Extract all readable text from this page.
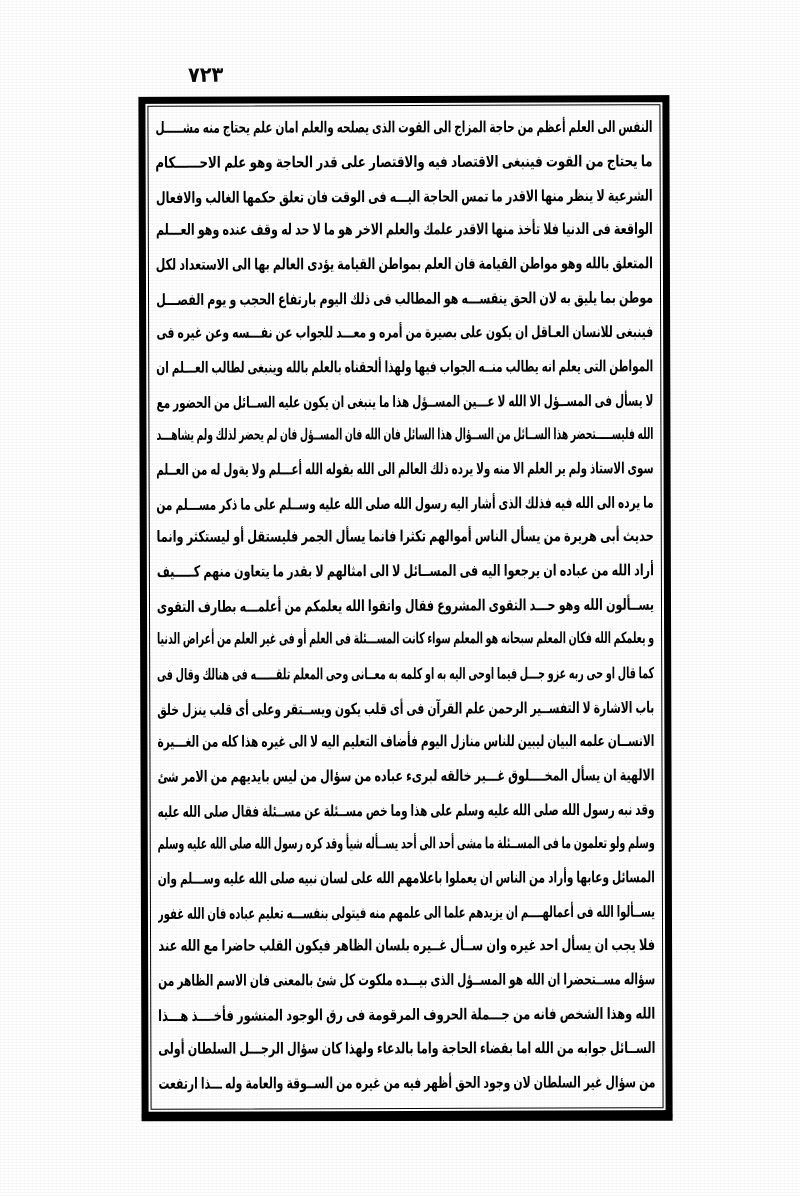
٧٢٣
النفس الى العلم أعظم من حاجة المزاج الى القوت الذى يصلحه والعلم امان علم يحتاج منه مشـــــل
ما يحتاج من القوت فينبغى الاقتصاد فيه والاقتصار على قدر الحاجة وهو علم الاحــــــكام
الشرعية لا ينظر منها الاقدر ما تمس الحاجة اليـــه فى الوقت فان تعلق حكمها الغالب والافعال
الواقعة فى الدنيا فلا تأخذ منها الاقدر علمك والعلم الاخر هو ما لا حد له وقف عنده وهو العـــلم
المتعلق بالله وهو مواطن القيامة فان العلم بمواطن القيامة يؤدى العالم بها الى الاستعداد لكل
موطن بما يليق به لان الحق ينقســـه هو المطالب فى ذلك اليوم بارتفاع الحجب و يوم الفصـــل
فينبغى للانسان العـاقل ان يكون على بصيرة من أمره و معـــد للجواب عن نفـــسه وعن غيره فى
المواطن التى يعلم انه يطالب منــه الجواب فيها ولهذا ألحقناه بالعلم بالله وينبغى لطالب العـــلم ان
لا يسأل فى المســؤل الا الله لا عـــين المســؤل هذا ما ينبغى ان يكون عليه الســائل من الحضور مع
الله فليســـــتحضر هذا الســائل من الســؤال هذا السائل فان الله فان المســؤل فان لم يحضر لذلك ولم يشاهـــد
سوى الاستاذ ولم ير العلم الا منه ولا يرده ذلك العالم الى الله بقوله الله أعـــلم ولا يةول له من العــلم
ما يرده الى الله فيه فذلك الذى أشار اليه رسول الله صلى الله عليه وســلم على ما ذكر مســـلم من
حديث أبى هريرة من يسأل الناس أموالهم تكثرا فانما يسأل الجمر فليستقل أو ليستكثر وانما
أراد الله من عباده ان يرجعوا اليه فى المســائل لا الى امثالهم لا بقدر ما يتعاون منهم كـــــيف
يســألون الله وهو حـــد التقوى المشروع فقال واتقوا الله يعلمكم من أعلمـــه بطارف التقوى
و يعلمكم الله فكان المعلم سبحانه هو المعلم سواء كانت المســـئلة فى العلم أو فى غير العلم من أعراض الدنيا
كما قال او حى ربه عزو جـــل فيما اوحى اليه به او كلمه به معــانى وحى المعلم تلقــــــه فى هنالك وقال فى
باب الاشارة لا التفســير الرحمن علم القرآن فى أى قلب يكون ويســتقر وعلى أى قلب ينزل خلق
الانســان علمه البيان ليبين للناس منازل اليوم فأضاف التعليم اليه لا الى غيره هذا كله من الغـــيرة
الالهية ان يسأل المخــــلوق غـــير خالقه لبرىء عباده من سؤال من ليس بايديهم من الامر شئ
وقد نبه رسول الله صلى الله عليه وسلم على هذا وما خص مســئلة عن مســئلة فقال صلى الله عليه
وسلم ولو تعلمون ما فى المســئلة ما مشى أحد الى أحد يســأله شيأ وقد كره رسول الله صلى الله عليه وسلم
المسائل وعابها وأراد من الناس ان يعملوا باعلامهم الله على لسان نبيه صلى الله عليه وســـلم وان
يســألوا الله فى أعمالهــــم ان يزيدهم علما الى علمهم منه فيتولى بنفســـه تعليم عباده فان الله غفور
فلا يجب ان يسأل احد غيره وان ســأل غــيره بلسان الظاهر فيكون القلب حاضرا مع الله عند
سؤاله مســتحضرا ان الله هو المســؤل الذى بيـــده ملكوت كل شئ بالمعنى فان الاسم الظاهر من
الله وهذا الشخص فانه من جـــملة الحروف المرقومة فى رق الوجود المنشور فأخــــذ هـــذا
الســائل جوابه من الله اما بقضاء الحاجة واما بالدعاء ولهذا كان سؤال الرجـــل السلطان أولى
من سؤال غير السلطان لان وجود الحق أظهر فيه من غيره من الســوقة والعامة وله ـــذا ارتفعت
